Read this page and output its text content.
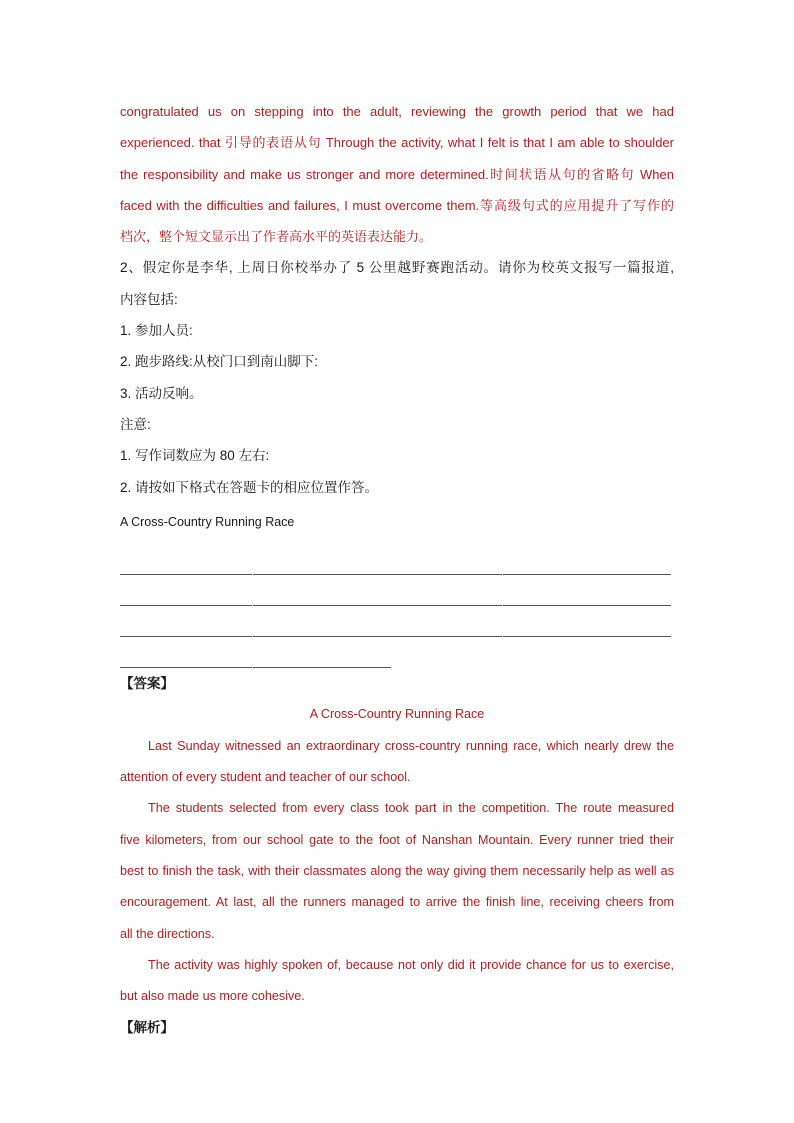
congratulated us on stepping into the adult, reviewing the growth period that we had
experienced. that 引导的表语从句 Through the activity, what I felt is that I am able to shoulder
the responsibility and make us stronger and more determined.时间状语从句的省略句 When
faced with the difficulties and failures, I must overcome them.等高级句式的应用提升了写作的
档次，整个短文显示出了作者高水平的英语表达能力。
2、假定你是李华, 上周日你校举办了 5 公里越野赛跑活动。请你为校英文报写一篇报道,
内容包括:
1. 参加人员:
2. 跑步路线:从校门口到南山脚下:
3. 活动反响。
注意:
1. 写作词数应为 80 左右:
2. 请按如下格式在答题卡的相应位置作答。
A Cross-Country Running Race
【答案】
A Cross-Country Running Race
Last Sunday witnessed an extraordinary cross-country running race, which nearly drew the
attention of every student and teacher of our school.
The students selected from every class took part in the competition. The route measured
five kilometers, from our school gate to the foot of Nanshan Mountain. Every runner tried their
best to finish the task, with their classmates along the way giving them necessarily help as well as
encouragement. At last, all the runners managed to arrive the finish line, receiving cheers from
all the directions.
The activity was highly spoken of, because not only did it provide chance for us to exercise,
but also made us more cohesive.
【解析】
